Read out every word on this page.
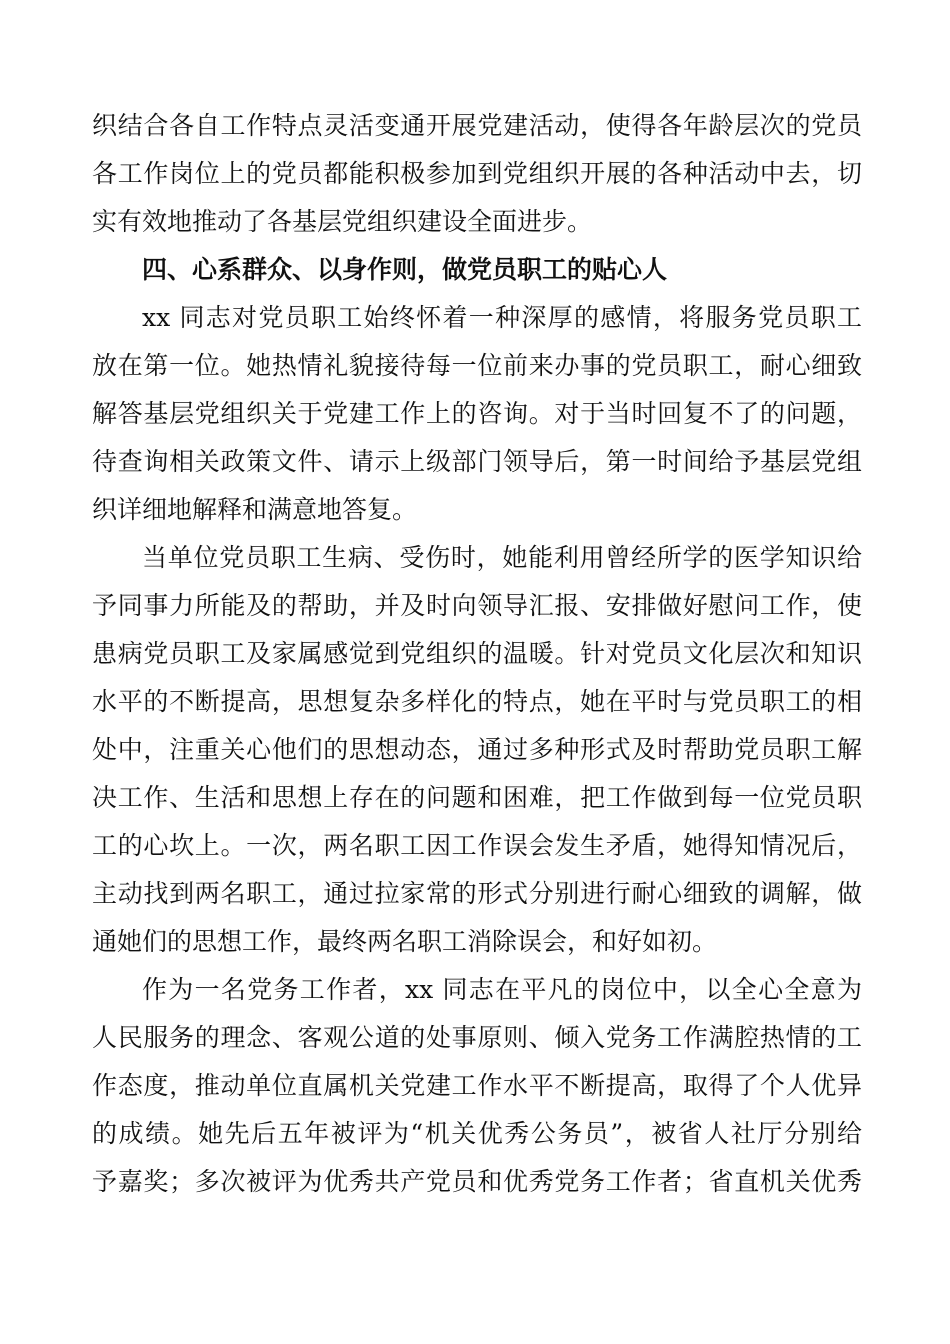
织结合各自工作特点灵活变通开展党建活动，使得各年龄层次的党员
各工作岗位上的党员都能积极参加到党组织开展的各种活动中去，切
实有效地推动了各基层党组织建设全面进步。
四、心系群众、以身作则，做党员职工的贴心人
xx 同志对党员职工始终怀着一种深厚的感情，将服务党员职工
放在第一位。她热情礼貌接待每一位前来办事的党员职工，耐心细致
解答基层党组织关于党建工作上的咨询。对于当时回复不了的问题，
待查询相关政策文件、请示上级部门领导后，第一时间给予基层党组
织详细地解释和满意地答复。
当单位党员职工生病、受伤时，她能利用曾经所学的医学知识给
予同事力所能及的帮助，并及时向领导汇报、安排做好慰问工作，使
患病党员职工及家属感觉到党组织的温暖。针对党员文化层次和知识
水平的不断提高，思想复杂多样化的特点，她在平时与党员职工的相
处中，注重关心他们的思想动态，通过多种形式及时帮助党员职工解
决工作、生活和思想上存在的问题和困难，把工作做到每一位党员职
工的心坎上。一次，两名职工因工作误会发生矛盾，她得知情况后，
主动找到两名职工，通过拉家常的形式分别进行耐心细致的调解，做
通她们的思想工作，最终两名职工消除误会，和好如初。
作为一名党务工作者，xx 同志在平凡的岗位中，以全心全意为
人民服务的理念、客观公道的处事原则、倾入党务工作满腔热情的工
作态度，推动单位直属机关党建工作水平不断提高，取得了个人优异
的成绩。她先后五年被评为“机关优秀公务员”，被省人社厅分别给
予嘉奖；多次被评为优秀共产党员和优秀党务工作者；省直机关优秀
